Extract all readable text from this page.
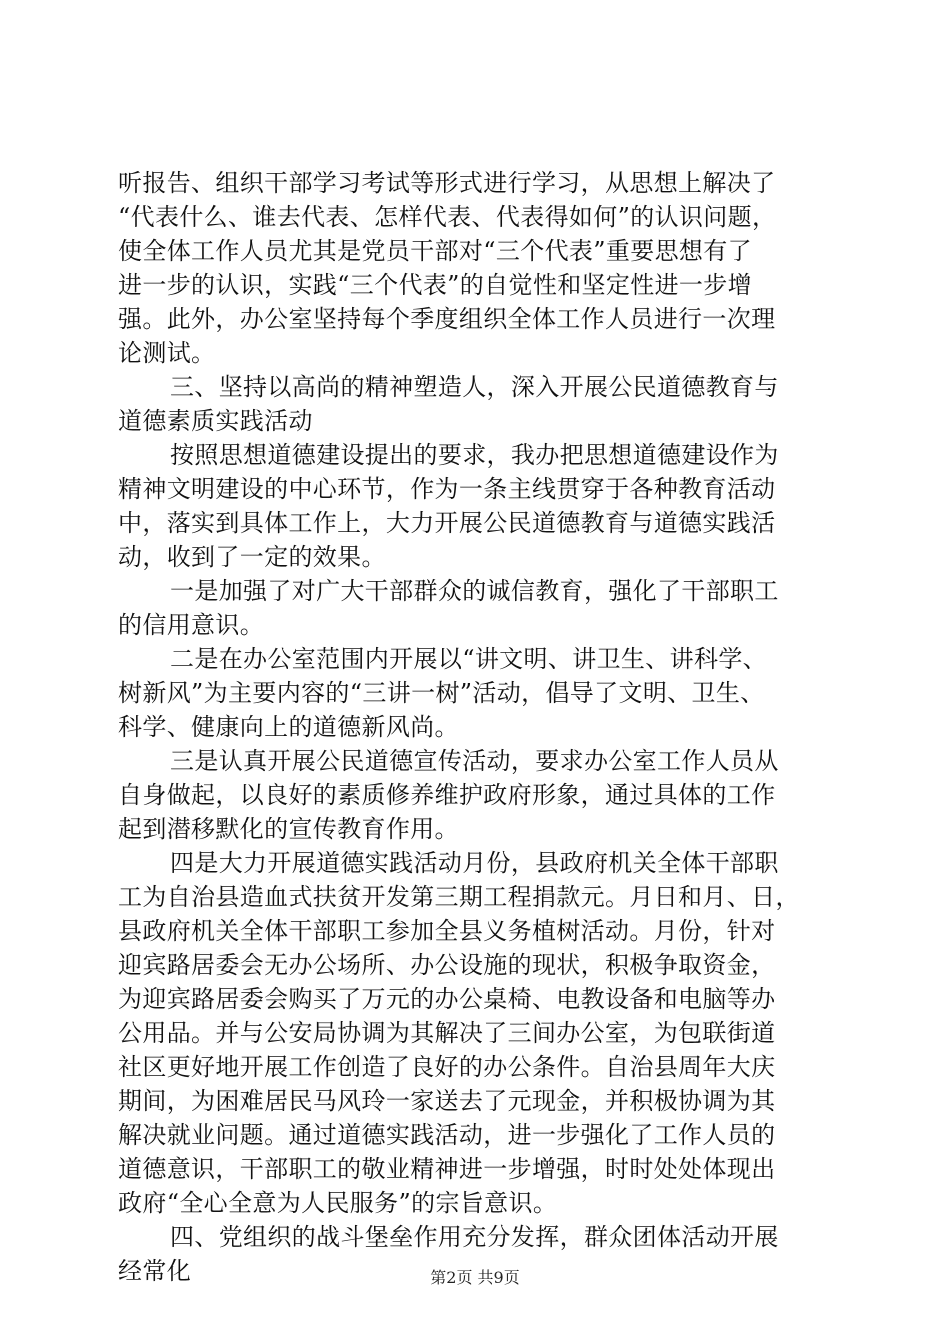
听报告、组织干部学习考试等形式进行学习，从思想上解决了
“代表什么、谁去代表、怎样代表、代表得如何”的认识问题，
使全体工作人员尤其是党员干部对“三个代表”重要思想有了
进一步的认识，实践“三个代表”的自觉性和坚定性进一步增
强。此外，办公室坚持每个季度组织全体工作人员进行一次理
论测试。
三、坚持以高尚的精神塑造人，深入开展公民道德教育与
道德素质实践活动
按照思想道德建设提出的要求，我办把思想道德建设作为
精神文明建设的中心环节，作为一条主线贯穿于各种教育活动
中，落实到具体工作上，大力开展公民道德教育与道德实践活
动，收到了一定的效果。
一是加强了对广大干部群众的诚信教育，强化了干部职工
的信用意识。
二是在办公室范围内开展以“讲文明、讲卫生、讲科学、
树新风”为主要内容的“三讲一树”活动，倡导了文明、卫生、
科学、健康向上的道德新风尚。
三是认真开展公民道德宣传活动，要求办公室工作人员从
自身做起，以良好的素质修养维护政府形象，通过具体的工作
起到潜移默化的宣传教育作用。
四是大力开展道德实践活动月份，县政府机关全体干部职
工为自治县造血式扶贫开发第三期工程捐款元。月日和月、日，
县政府机关全体干部职工参加全县义务植树活动。月份，针对
迎宾路居委会无办公场所、办公设施的现状，积极争取资金，
为迎宾路居委会购买了万元的办公桌椅、电教设备和电脑等办
公用品。并与公安局协调为其解决了三间办公室，为包联街道
社区更好地开展工作创造了良好的办公条件。自治县周年大庆
期间，为困难居民马风玲一家送去了元现金，并积极协调为其
解决就业问题。通过道德实践活动，进一步强化了工作人员的
道德意识，干部职工的敬业精神进一步增强，时时处处体现出
政府“全心全意为人民服务”的宗旨意识。
四、党组织的战斗堡垒作用充分发挥，群众团体活动开展
经常化	第2页 共9页
